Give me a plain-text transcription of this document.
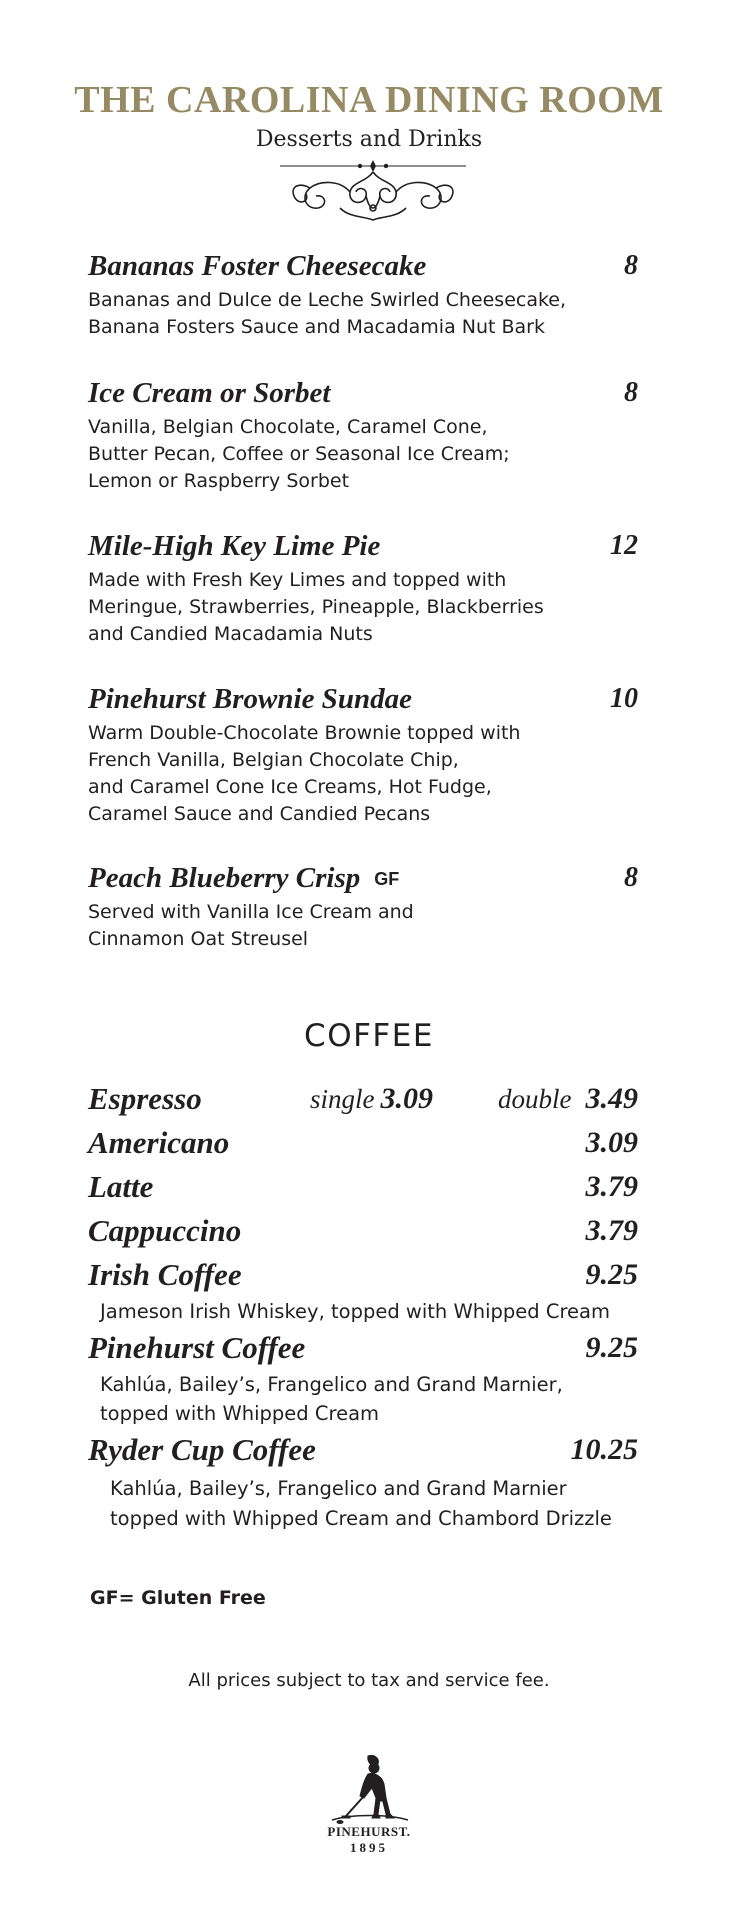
THE CAROLINA DINING ROOM
Desserts and Drinks
Bananas Foster Cheesecake	8
Bananas and Dulce de Leche Swirled Cheesecake,
Banana Fosters Sauce and Macadamia Nut Bark
Ice Cream or Sorbet	8
Vanilla, Belgian Chocolate, Caramel Cone,
Butter Pecan, Coffee or Seasonal Ice Cream;
Lemon or Raspberry Sorbet
Mile-High Key Lime Pie	12
Made with Fresh Key Limes and topped with
Meringue, Strawberries, Pineapple, Blackberries
and Candied Macadamia Nuts
Pinehurst Brownie Sundae	10
Warm Double-Chocolate Brownie topped with
French Vanilla, Belgian Chocolate Chip,
and Caramel Cone Ice Creams, Hot Fudge,
Caramel Sauce and Candied Pecans
Peach Blueberry Crisp GF	8
Served with Vanilla Ice Cream and
Cinnamon Oat Streusel
COFFEE
Espresso	single 3.09 double 3.49
Americano	3.09
Latte	3.79
Cappuccino	3.79
Irish Coffee	9.25
Jameson Irish Whiskey, topped with Whipped Cream
Pinehurst Coffee	9.25
Kahlúa, Bailey’s, Frangelico and Grand Marnier,
topped with Whipped Cream
Ryder Cup Coffee	10.25
Kahlúa, Bailey’s, Frangelico and Grand Marnier
topped with Whipped Cream and Chambord Drizzle
GF= Gluten Free
All prices subject to tax and service fee.
PINEHURST.
1895
